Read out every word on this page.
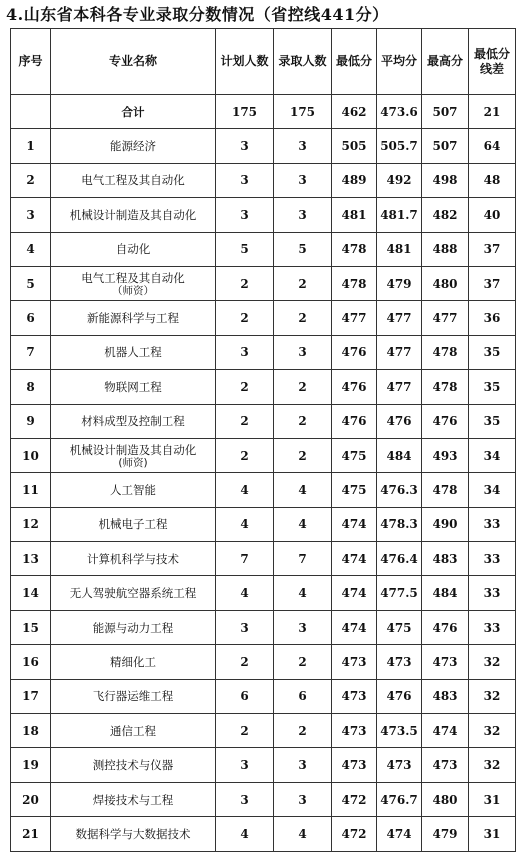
4.山东省本科各专业录取分数情况（省控线441分）
序号	专业名称	计划人数	录取人数	最低分	平均分	最高分	最低分
线差

	合计	175	175	462	473.6	507	21
1	能源经济	3	3	505	505.7	507	64
2	电气工程及其自动化	3	3	489	492	498	48
3	机械设计制造及其自动化	3	3	481	481.7	482	40
4	自动化	5	5	478	481	488	37
5	电气工程及其自动化
（师资）	2	2	478	479	480	37
6	新能源科学与工程	2	2	477	477	477	36
7	机器人工程	3	3	476	477	478	35
8	物联网工程	2	2	476	477	478	35
9	材料成型及控制工程	2	2	476	476	476	35
10	机械设计制造及其自动化
(师资)	2	2	475	484	493	34
11	人工智能	4	4	475	476.3	478	34
12	机械电子工程	4	4	474	478.3	490	33
13	计算机科学与技术	7	7	474	476.4	483	33
14	无人驾驶航空器系统工程	4	4	474	477.5	484	33
15	能源与动力工程	3	3	474	475	476	33
16	精细化工	2	2	473	473	473	32
17	飞行器运维工程	6	6	473	476	483	32
18	通信工程	2	2	473	473.5	474	32
19	测控技术与仪器	3	3	473	473	473	32
20	焊接技术与工程	3	3	472	476.7	480	31
21	数据科学与大数据技术	4	4	472	474	479	31
